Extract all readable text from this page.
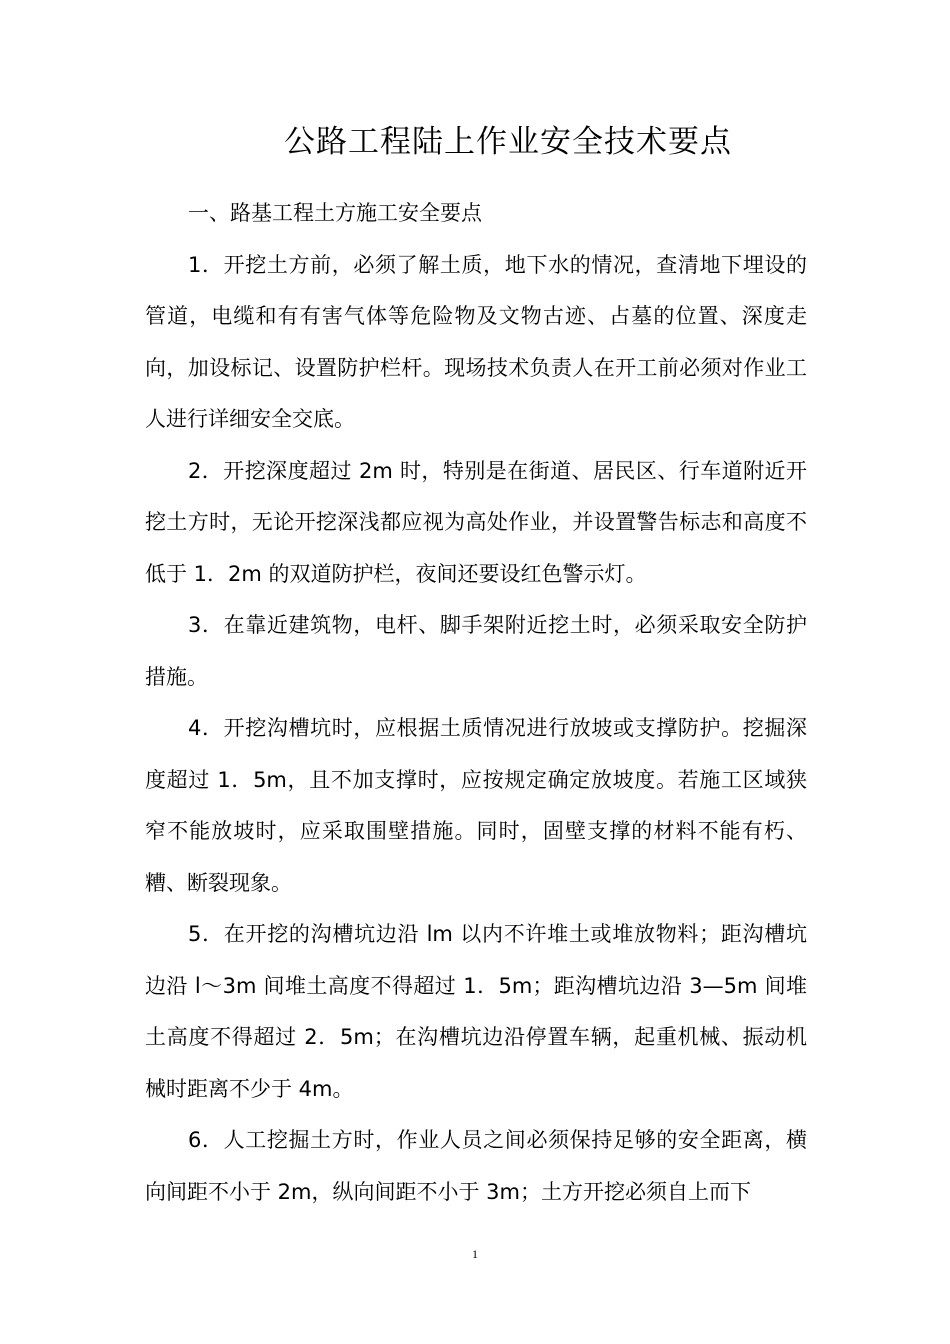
公路工程陆上作业安全技术要点

一、路基工程土方施工安全要点

1．开挖土方前，必须了解土质，地下水的情况，查清地下埋设的管道，电缆和有有害气体等危险物及文物古迹、占墓的位置、深度走向，加设标记、设置防护栏杆。现场技术负责人在开工前必须对作业工人进行详细安全交底。

2．开挖深度超过 2m 时，特别是在街道、居民区、行车道附近开挖土方时，无论开挖深浅都应视为高处作业，并设置警告标志和高度不低于 1．2m 的双道防护栏，夜间还要设红色警示灯。

3．在靠近建筑物，电杆、脚手架附近挖土时，必须采取安全防护措施。

4．开挖沟槽坑时，应根据土质情况进行放坡或支撑防护。挖掘深度超过 1．5m，且不加支撑时，应按规定确定放坡度。若施工区域狭窄不能放坡时，应采取围壁措施。同时，固壁支撑的材料不能有朽、糟、断裂现象。

5．在开挖的沟槽坑边沿 lm 以内不许堆土或堆放物料；距沟槽坑边沿 l～3m 间堆土高度不得超过 1．5m；距沟槽坑边沿 3—5m 间堆土高度不得超过 2．5m；在沟槽坑边沿停置车辆，起重机械、振动机械时距离不少于 4m。

6．人工挖掘土方时，作业人员之间必须保持足够的安全距离，横向间距不小于 2m，纵向间距不小于 3m；土方开挖必须自上而下

1
